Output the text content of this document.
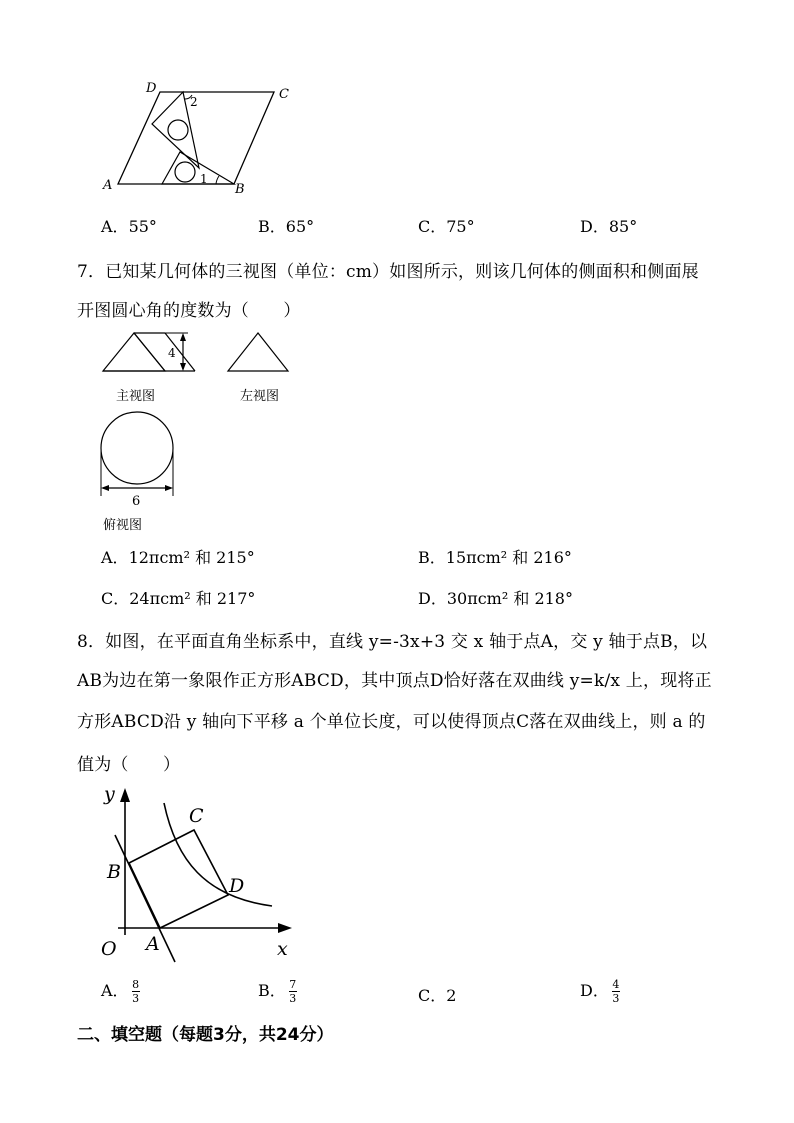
D	C
A	B
2
1
A．55°	B．65°	C．75°	D．85°
7．已知某几何体的三视图（单位：cm）如图所示，则该几何体的侧面积和侧面展
开图圆心角的度数为（　　）
4
6
主视图	左视图
俯视图
A．12πcm² 和 215°	B．15πcm² 和 216°
C．24πcm² 和 217°	D．30πcm² 和 218°
8．如图，在平面直角坐标系中，直线 y=-3x+3 交 x 轴于点A，交 y 轴于点B，以
AB为边在第一象限作正方形ABCD，其中顶点D恰好落在双曲线 y=k/x 上，现将正
方形ABCD沿 y 轴向下平移 a 个单位长度，可以使得顶点C落在双曲线上，则 a 的
值为（　　）
y
x
O A
B
C
D
A． $\frac{8}{3}$	B． $\frac{7}{3}$	C．2	D． $\frac{4}{3}$
二、填空题（每题3分，共24分）
